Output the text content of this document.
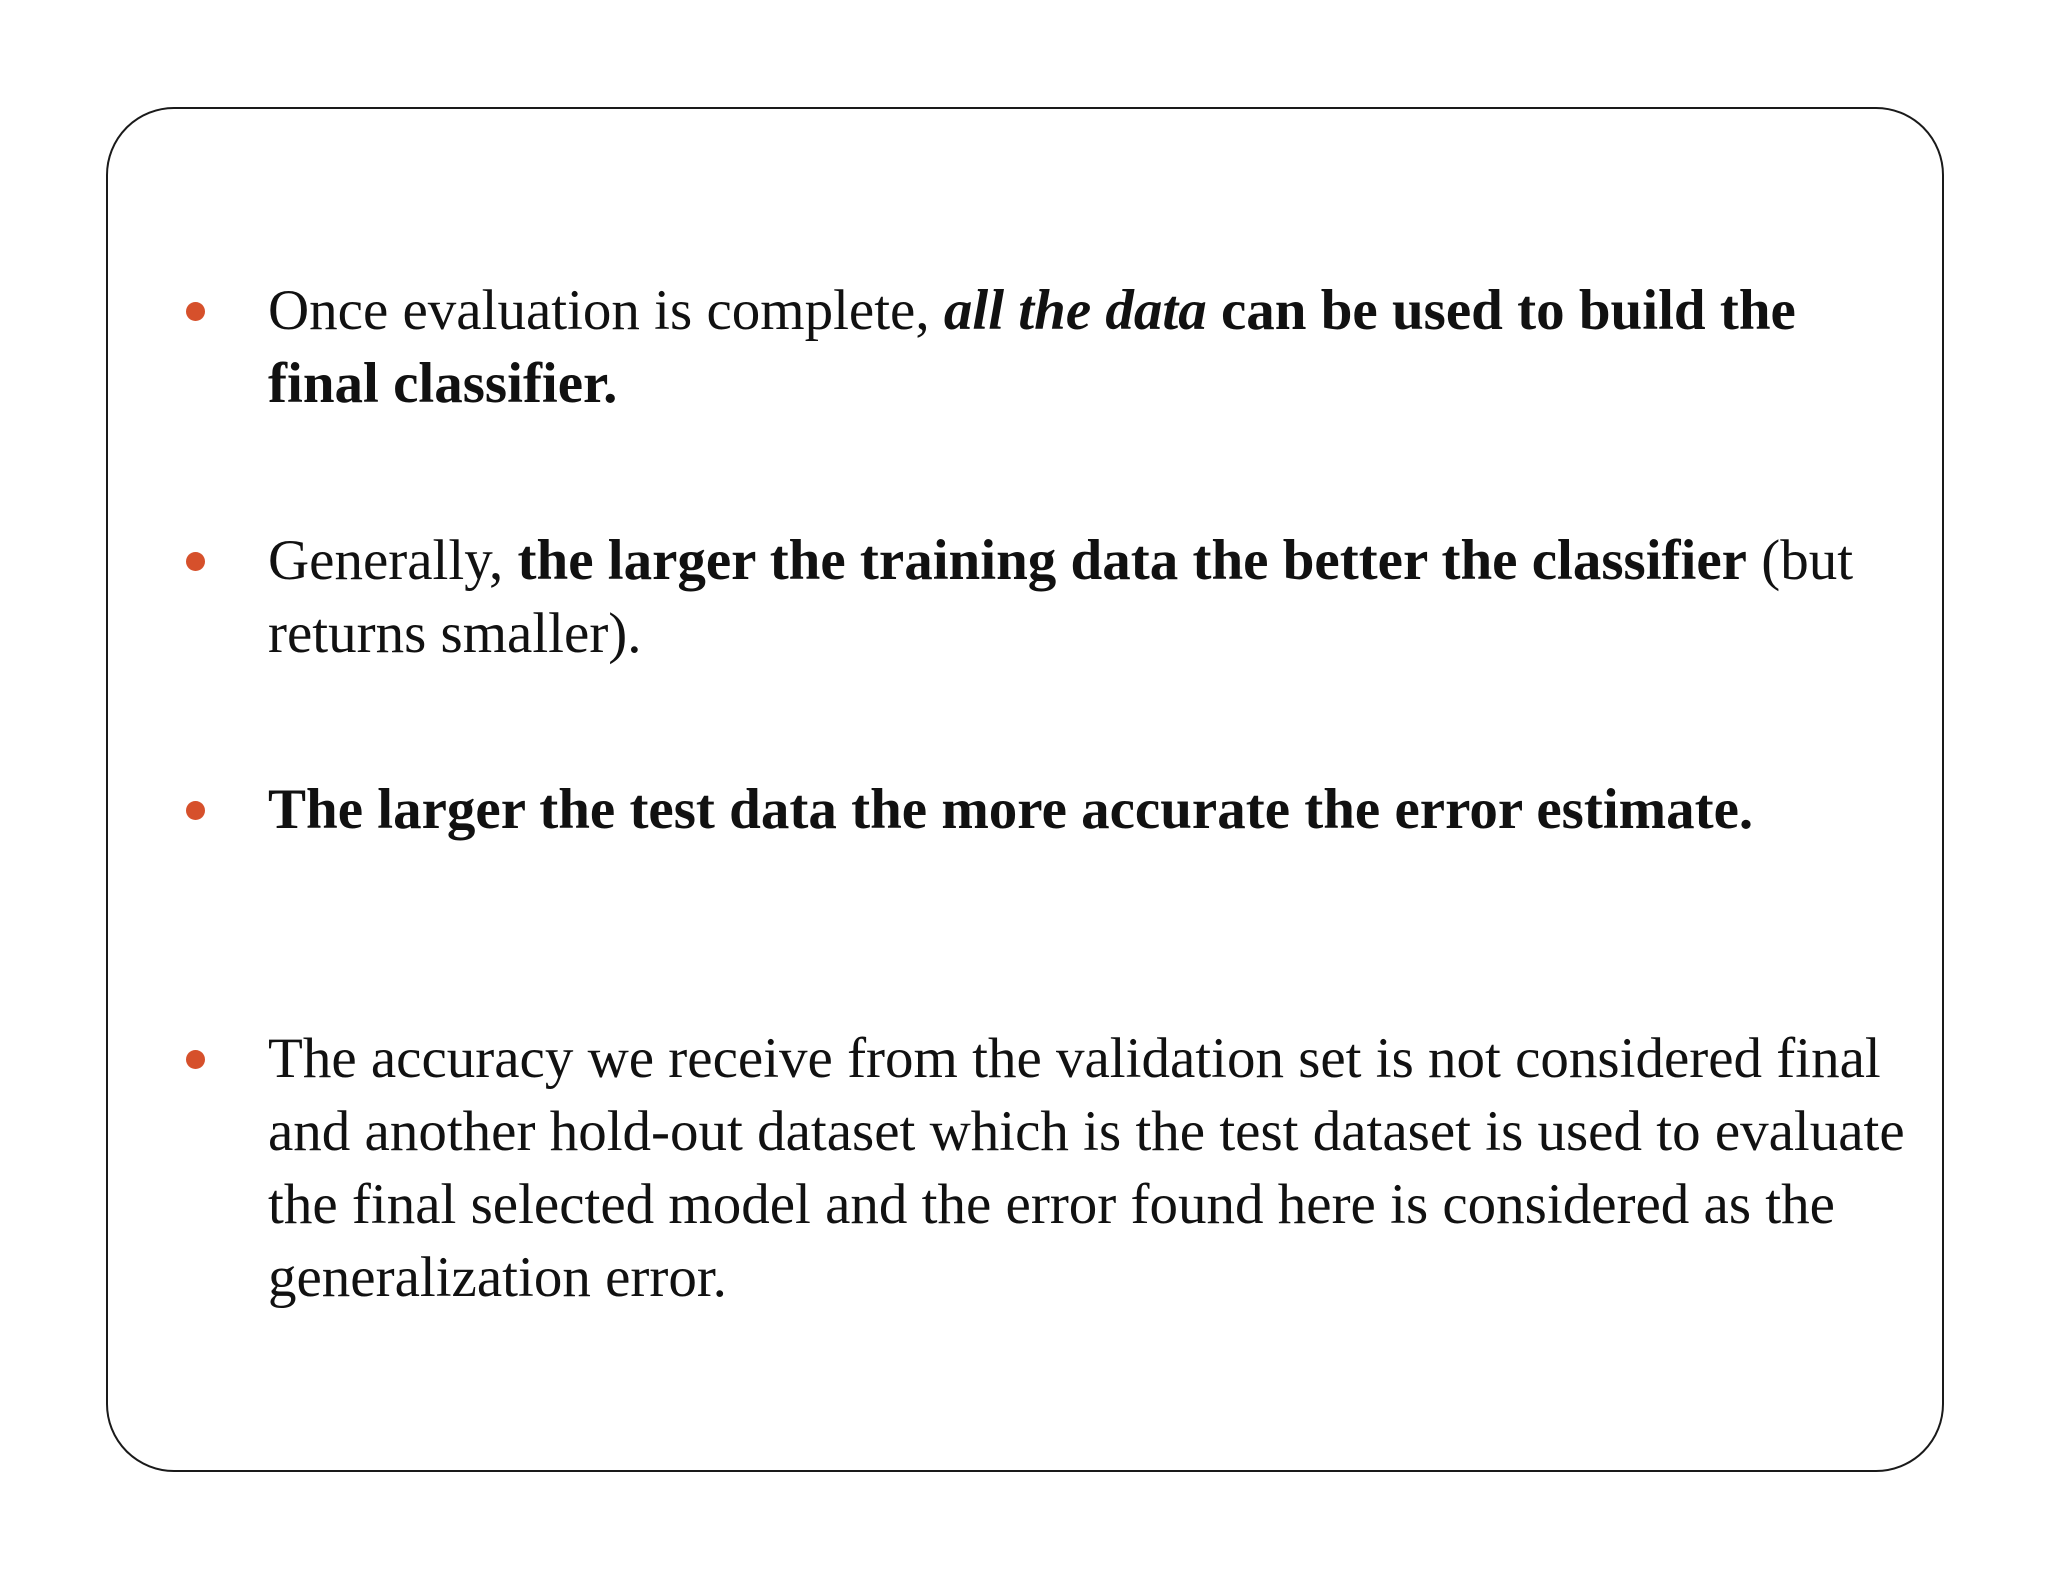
Once evaluation is complete, all the data can be used to build the final classifier.

Generally, the larger the training data the better the classifier (but returns smaller).

The larger the test data the more accurate the error estimate.

The accuracy we receive from the validation set is not considered final and another hold-out dataset which is the test dataset is used to evaluate the final selected model and the error found here is considered as the generalization error.
